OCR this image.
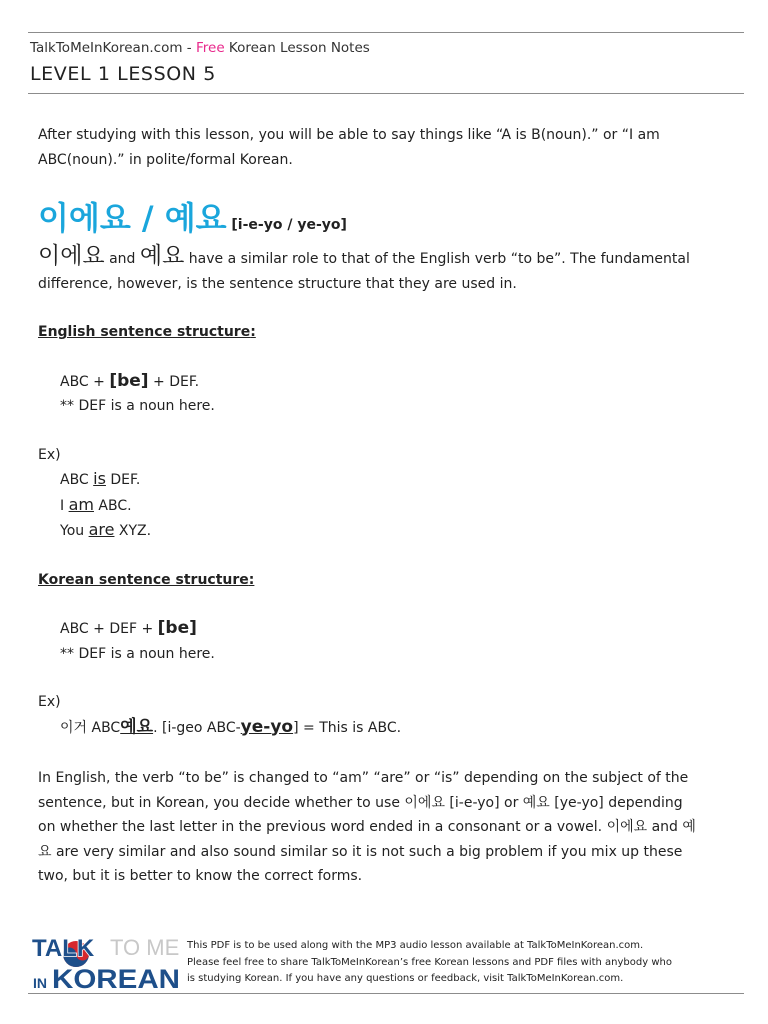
TalkToMeInKorean.com - Free Korean Lesson Notes
LEVEL 1 LESSON 5

After studying with this lesson, you will be able to say things like “A is B(noun).” or “I am

ABC(noun).” in polite/formal Korean.

이에요 / 예요 [i-e-yo / ye-yo]

이에요 and 예요 have a similar role to that of the English verb “to be”. The fundamental

difference, however, is the sentence structure that they are used in.

English sentence structure:
ABC + [be] + DEF.
** DEF is a noun here.
Ex)
ABC is DEF.
I am ABC.
You are XYZ.
Korean sentence structure:
ABC + DEF + [be]
** DEF is a noun here.
Ex)
이거 ABC예요. [i-geo ABC-ye-yo] = This is ABC.

In English, the verb “to be” is changed to “am” “are” or “is” depending on the subject of the

sentence, but in Korean, you decide whether to use 이에요 [i-e-yo] or 예요 [ye-yo] depending

on whether the last letter in the previous word ended in a consonant or a vowel. 이에요 and 예

요 are very similar and also sound similar so it is not such a big problem if you mix up these

two, but it is better to know the correct forms.

TALK TO ME
IN KOREAN
This PDF is to be used along with the MP3 audio lesson available at TalkToMeInKorean.com.
Please feel free to share TalkToMeInKorean’s free Korean lessons and PDF files with anybody who
is studying Korean. If you have any questions or feedback, visit TalkToMeInKorean.com.
